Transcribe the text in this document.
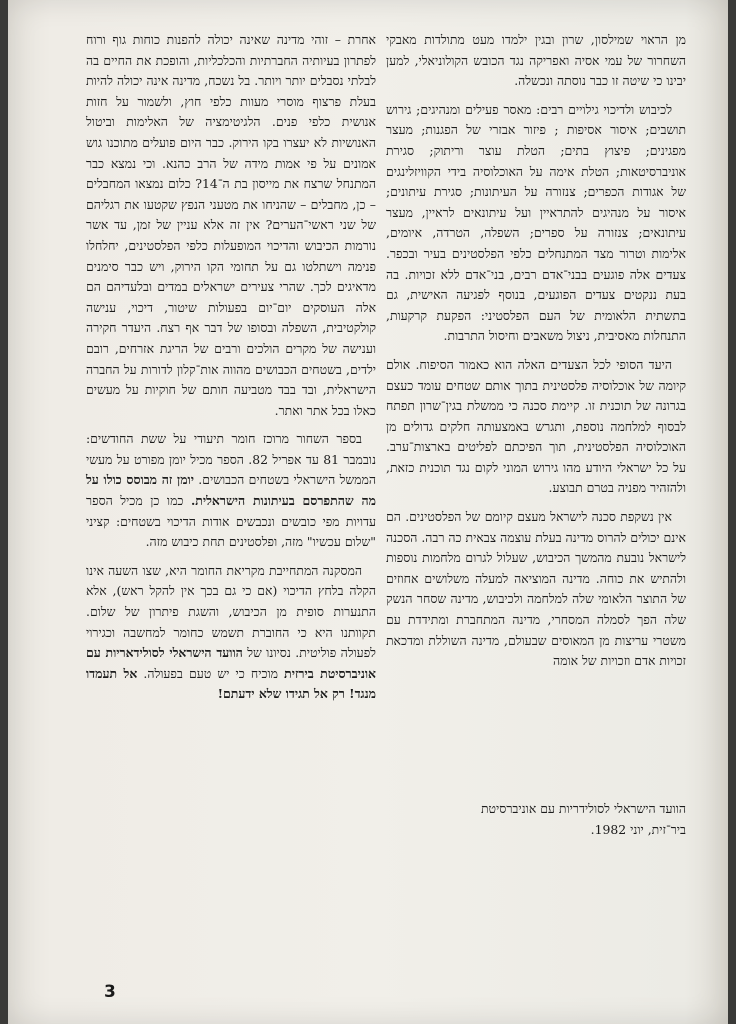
מן הראוי שמילסון, שרון ובגין ילמדו מעט מתולדות מאבקי השחרור של עמי אסיה ואפריקה נגד הכובש הקולוניאלי, למען יבינו כי שיטה זו כבר נוסתה ונכשלה.

לכיבוש ולדיכוי גילויים רבים: מאסר פעילים ומנהיגים; גירוש תושבים; איסור אסיפות ; פיזור אבזרי של הפגנות; מעצר מפגינים; פיצוץ בתים; הטלת עוצר וריתוק; סגירת אוניברסיטאות; הטלת אימה על האוכלוסיה בידי הקוויזלינגים של אגודות הכפרים; צנזורה על העיתונות; סגירת עיתונים; איסור על מנהיגים להתראיין ועל עיתונאים לראיין, מעצר עיתונאים; צנזורה על ספרים; השפלה, הטרדה, איומים, אלימות וטרור מצד המתנחלים כלפי הפלסטינים בעיר ובכפר. צעדים אלה פוגעים בבני־אדם רבים, בני־אדם ללא זכויות. בה בעת ננקטים צעדים הפוגעים, בנוסף לפגיעה האישית, גם בתשתית הלאומית של העם הפלסטיני: הפקעת קרקעות, התנחלות מאסיבית, ניצול משאבים וחיסול התרבות.

היעד הסופי לכל הצעדים האלה הוא כאמור הסיפוח. אולם קיומה של אוכלוסיה פלסטינית בתוך אותם שטחים עומד כעצם בגרונה של תוכנית זו. קיימת סכנה כי ממשלת בגין־שרון תפתח לבסוף למלחמה נוספת, ותגרש באמצעותה חלקים גדולים מן האוכלוסיה הפלסטינית, תוך הפיכתם לפליטים בארצות־ערב. על כל ישראלי היודע מהו גירוש המוני לקום נגד תוכנית כזאת, ולהזהיר מפניה בטרם תבוצע.

אין נשקפת סכנה לישראל מעצם קיומם של הפלסטינים. הם אינם יכולים להרוס מדינה בעלת עוצמה צבאית כה רבה. הסכנה לישראל נובעת מהמשך הכיבוש, שעלול לגרום מלחמות נוספות ולהתיש את כוחה. מדינה המוציאה למעלה משלושים אחוזים של התוצר הלאומי שלה למלחמה ולכיבוש, מדינה שסחר הנשק שלה הפך לסמלה המסחרי, מדינה המתחברת ומתידדת עם משטרי עריצות מן המאוסים שבעולם, מדינה השוללת ומדכאת זכויות אדם וזכויות של אומה

אחרת – זוהי מדינה שאינה יכולה להפנות כוחות גוף ורוח לפתרון בעיותיה החברתיות והכלכליות, והופכת את החיים בה לבלתי נסבלים יותר ויותר. בל נשכח, מדינה אינה יכולה להיות בעלת פרצוף מוסרי מעוות כלפי חוץ, ולשמור על חזות אנושית כלפי פנים. הלגיטימציה של האלימות וביטול האנושיות לא יעצרו בקו הירוק. כבר היום פועלים מתוכנו גוש אמונים על פי אמות מידה של הרב כהנא. וכי נמצא כבר המתנחל שרצח את מייסון בת ה־14? כלום נמצאו המחבלים – כן, מחבלים – שהניחו את מטעני הנפץ שקטעו את רגליהם של שני ראשי־הערים? אין זה אלא עניין של זמן, עד אשר נורמות הכיבוש והדיכוי המופעלות כלפי הפלסטינים, יחלחלו פנימה וישתלטו גם על תחומי הקו הירוק, ויש כבר סימנים מדאיגים לכך. שהרי צעירים ישראלים במדים ובלעדיהם הם אלה העוסקים יום־יום בפעולות שיטור, דיכוי, ענישה קולקטיבית, השפלה ובסופו של דבר אף רצח. היעדר חקירה וענישה של מקרים הולכים ורבים של הריגת אזרחים, רובם ילדים, בשטחים הכבושים מהווה אות־קלון לדורות על החברה הישראלית, ובד בבד מטביעה חותם של חוקיות על מעשים כאלו בכל אתר ואתר.

בספר השחור מרוכז חומר תיעודי על ששת החודשים: נובמבר 81 עד אפריל 82. הספר מכיל יומן מפורט על מעשי הממשל הישראלי בשטחים הכבושים. יומן זה מבוסס כולו על מה שהתפרסם בעיתונות הישראלית. כמו כן מכיל הספר עדויות מפי כובשים ונכבשים אודות הדיכוי בשטחים: קציני "שלום עכשיו" מזה, ופלסטינים תחת כיבוש מזה.

המסקנה המתחייבת מקריאת החומר היא, שצו השעה אינו הקלה בלחץ הדיכוי (אם כי גם בכך אין להקל ראש), אלא התנערות סופית מן הכיבוש, והשגת פיתרון של שלום. תקוותנו היא כי החוברת תשמש כחומר למחשבה וכגירוי לפעולה פוליטית. נסיונו של הוועד הישראלי לסולידאריות עם אוניברסיטת בירזית מוכיח כי יש טעם בפעולה. אל תעמדו מנגד! רק אל תגידו שלא ידעתם!

הוועד הישראלי לסולידריות עם אוניברסיטת
ביר־זית, יוני 1982.
3
